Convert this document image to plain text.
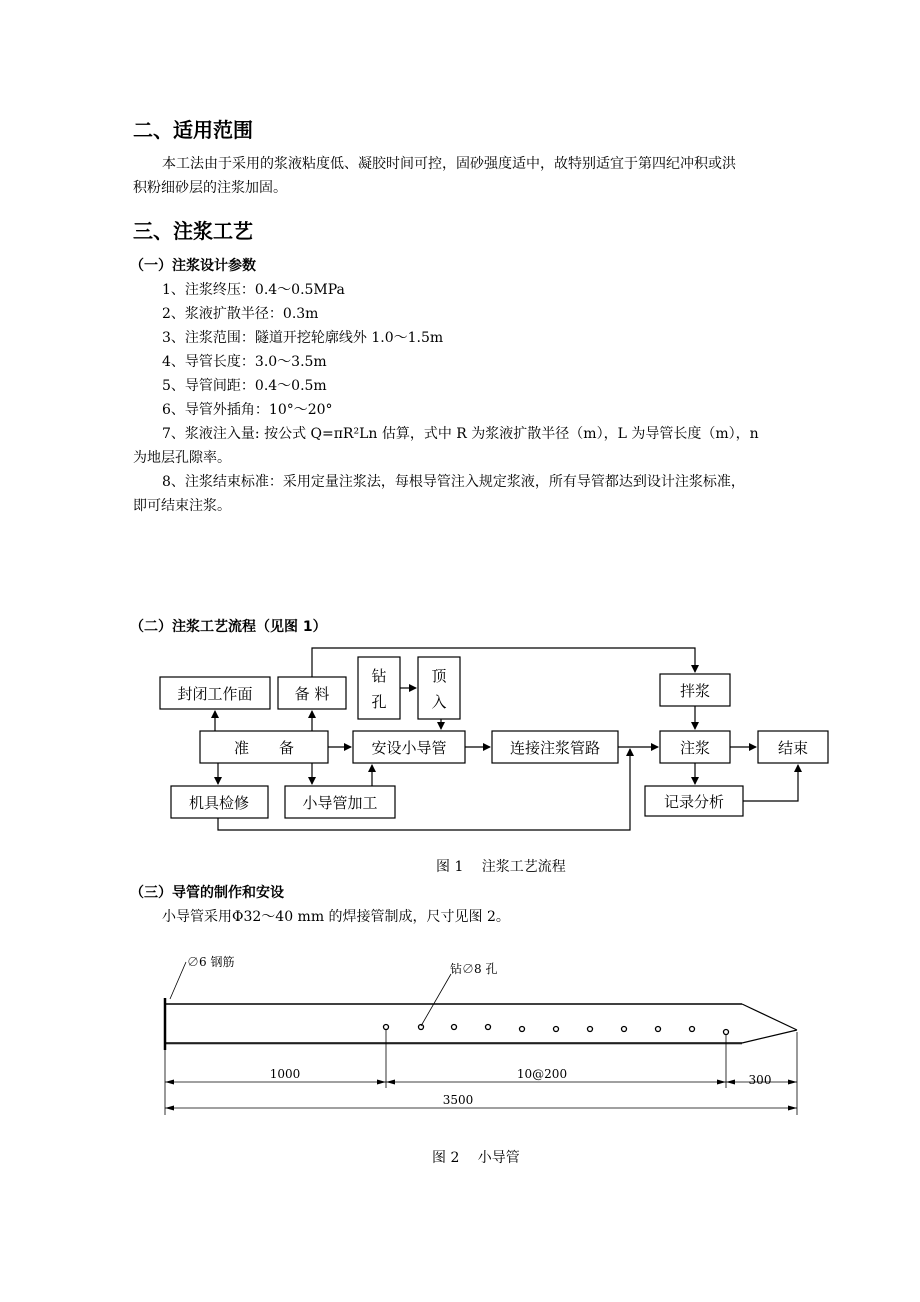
二、适用范围
本工法由于采用的浆液粘度低、凝胶时间可控，固砂强度适中，故特别适宜于第四纪冲积或洪
积粉细砂层的注浆加固。
三、注浆工艺
（一）注浆设计参数
1、注浆终压：0.4～0.5MPa
2、浆液扩散半径：0.3m
3、注浆范围：隧道开挖轮廓线外 1.0～1.5m
4、导管长度：3.0～3.5m
5、导管间距：0.4～0.5m
6、导管外插角：10°～20°
7、浆液注入量: 按公式 Q=πR²Ln 估算，式中 R 为浆液扩散半径（m），L 为导管长度（m），n
为地层孔隙率。
8、注浆结束标准：采用定量注浆法，每根导管注入规定浆液，所有导管都达到设计注浆标准，
即可结束注浆。
（二）注浆工艺流程（见图 1）
封闭工作面	备 料
钻
孔
顶
入
准　　备	安设小导管	连接注浆管路
拌浆
注浆	结束
机具检修	小导管加工	记录分析
∅6 钢筋	钻∅8 孔
1000	10@200	300
3500
图 1　 注浆工艺流程
（三）导管的制作和安设
小导管采用Φ32～40 mm 的焊接管制成，尺寸见图 2。
图 2　 小导管
